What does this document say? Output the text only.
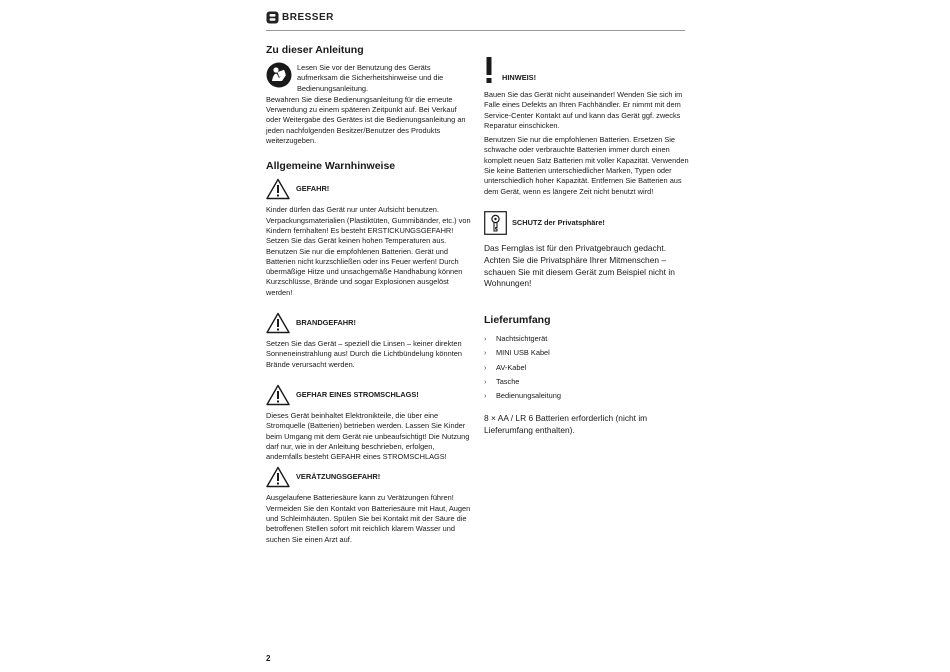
BRESSER
Zu dieser Anleitung

Lesen Sie vor der Benutzung des Geräts aufmerksam die Sicherheitshinweise und die Bedienungsanleitung.

Bewahren Sie diese Bedienungsanleitung für die erneute Verwendung zu einem späteren Zeitpunkt auf. Bei Verkauf oder Weitergabe des Gerätes ist die Bedienungsanleitung an jeden nachfolgenden Besitzer/Benutzer des Produkts weiterzugeben.

Allgemeine Warnhinweise
GEFAHR!

Kinder dürfen das Gerät nur unter Aufsicht benutzen. Verpackungsmaterialien (Plastiktüten, Gummibänder, etc.) von Kindern fernhalten! Es besteht ERSTICKUNGSGEFAHR!

Setzen Sie das Gerät keinen hohen Temperaturen aus. Benutzen Sie nur die empfohlenen Batterien. Gerät und Batterien nicht kurzschließen oder ins Feuer werfen! Durch übermäßige Hitze und unsachgemäße Handhabung können Kurzschlüsse, Brände und sogar Explosionen ausgelöst werden!

BRANDGEFAHR!

Setzen Sie das Gerät – speziell die Linsen – keiner direkten Sonneneinstrahlung aus! Durch die Lichtbündelung könnten Brände verursacht werden.

GEFHAR EINES STROMSCHLAGS!

Dieses Gerät beinhaltet Elektronikteile, die über eine Stromquelle (Batterien) betrieben werden. Lassen Sie Kinder beim Umgang mit dem Gerät nie unbeaufsichtigt! Die Nutzung darf nur, wie in der Anleitung beschrieben, erfolgen, andernfalls besteht GEFAHR eines STROMSCHLAGS!

VERÄTZUNGSGEFAHR!

Ausgelaufene Batteriesäure kann zu Verätzungen führen! Vermeiden Sie den Kontakt von Batteriesäure mit Haut, Augen und Schleimhäuten. Spülen Sie bei Kontakt mit der Säure die betroffenen Stellen sofort mit reichlich klarem Wasser und suchen Sie einen Arzt auf.

HINWEIS!

Bauen Sie das Gerät nicht auseinander! Wenden Sie sich im Falle eines Defekts an Ihren Fachhändler. Er nimmt mit dem Service-Center Kontakt auf und kann das Gerät ggf. zwecks Reparatur einschicken.

Benutzen Sie nur die empfohlenen Batterien. Ersetzen Sie schwache oder verbrauchte Batterien immer durch einen komplett neuen Satz Batterien mit voller Kapazität. Verwenden Sie keine Batterien unterschiedlicher Marken, Typen oder unterschiedlich hoher Kapazität. Entfernen Sie Batterien aus dem Gerät, wenn es längere Zeit nicht benutzt wird!

SCHUTZ der Privatsphäre!

Das Fernglas ist für den Privatgebrauch gedacht. Achten Sie die Privatsphäre Ihrer Mitmenschen – schauen Sie mit diesem Gerät zum Beispiel nicht in Wohnungen!

Lieferumfang
›	Nachtsichtgerät
›	MINI USB Kabel
›	AV-Kabel
›	Tasche
›	Bedienungsaleitung

8 × AA / LR 6 Batterien erforderlich (nicht im Lieferumfang enthalten).

2
